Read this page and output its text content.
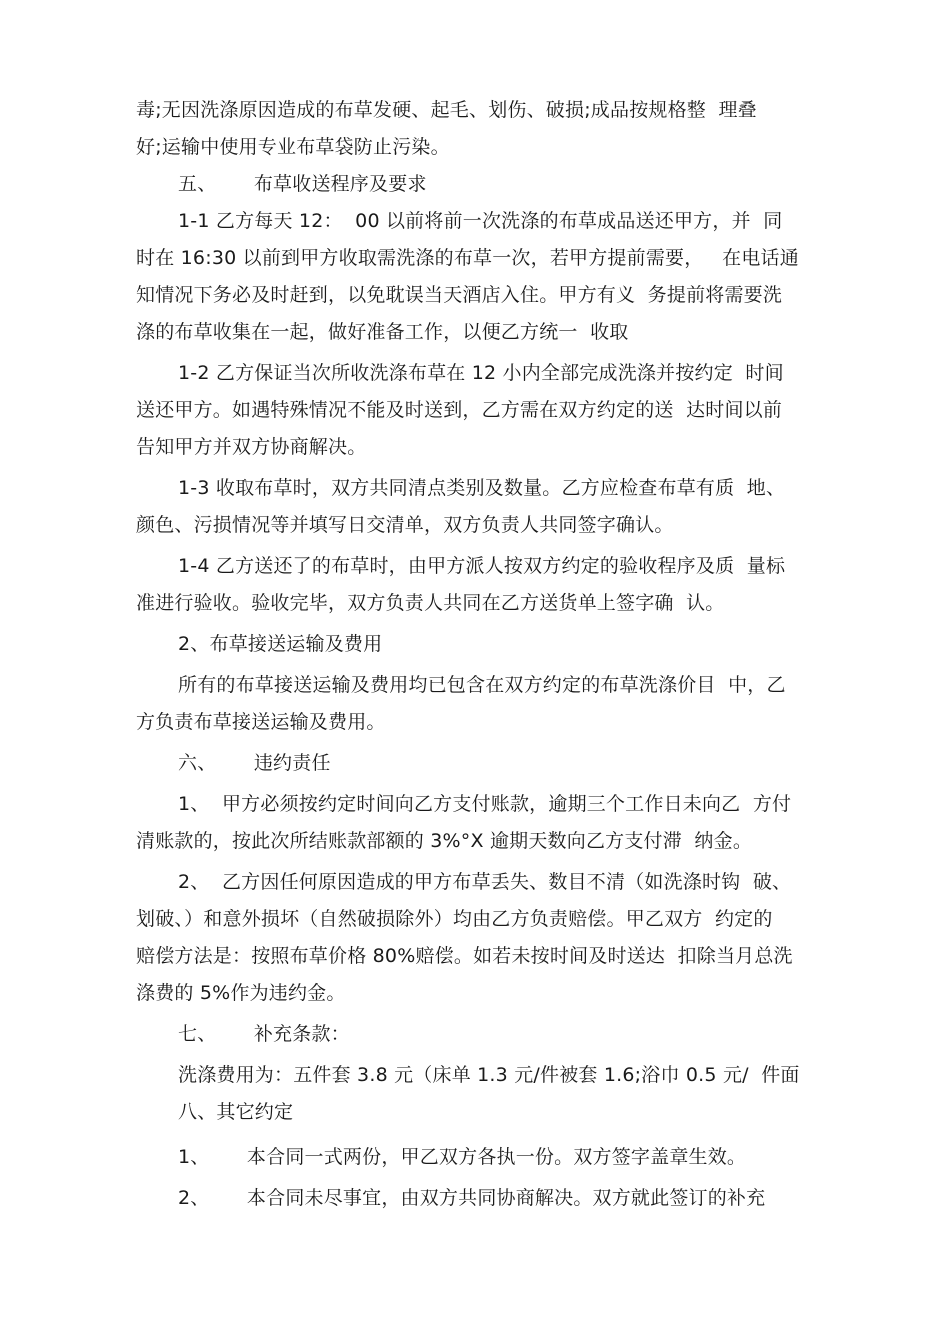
毒;无因洗涤原因造成的布草发硬、起毛、划伤、破损;成品按规格整  理叠
好;运输中使用专业布草袋防止污染。
五、      布草收送程序及要求
1-1 乙方每天 12：  00 以前将前一次洗涤的布草成品送还甲方，并  同
时在 16:30 以前到甲方收取需洗涤的布草一次，若甲方提前需要，   在电话通
知情况下务必及时赶到，以免耽误当天酒店入住。甲方有义  务提前将需要洗
涤的布草收集在一起，做好准备工作，以便乙方统一  收取
1-2 乙方保证当次所收洗涤布草在 12 小内全部完成洗涤并按约定  时间
送还甲方。如遇特殊情况不能及时送到，乙方需在双方约定的送  达时间以前
告知甲方并双方协商解决。
1-3 收取布草时，双方共同清点类别及数量。乙方应检查布草有质  地、
颜色、污损情况等并填写日交清单，双方负责人共同签字确认。
1-4 乙方送还了的布草时，由甲方派人按双方约定的验收程序及质  量标
准进行验收。验收完毕，双方负责人共同在乙方送货单上签字确  认。
2、布草接送运输及费用
所有的布草接送运输及费用均已包含在双方约定的布草洗涤价目  中，乙
方负责布草接送运输及费用。
六、      违约责任
1、  甲方必须按约定时间向乙方支付账款，逾期三个工作日未向乙  方付
清账款的，按此次所结账款部额的 3%°X 逾期天数向乙方支付滞  纳金。
2、  乙方因任何原因造成的甲方布草丢失、数目不清（如洗涤时钩  破、
划破、）和意外损坏（自然破损除外）均由乙方负责赔偿。甲乙双方  约定的
赔偿方法是：按照布草价格 80%赔偿。如若未按时间及时送达  扣除当月总洗
涤费的 5%作为违约金。
七、      补充条款：
洗涤费用为：五件套 3.8 元（床单 1.3 元/件被套 1.6;浴巾 0.5 元/  件面
八、其它约定
1、      本合同一式两份，甲乙双方各执一份。双方签字盖章生效。
2、      本合同未尽事宜，由双方共同协商解决。双方就此签订的补充
